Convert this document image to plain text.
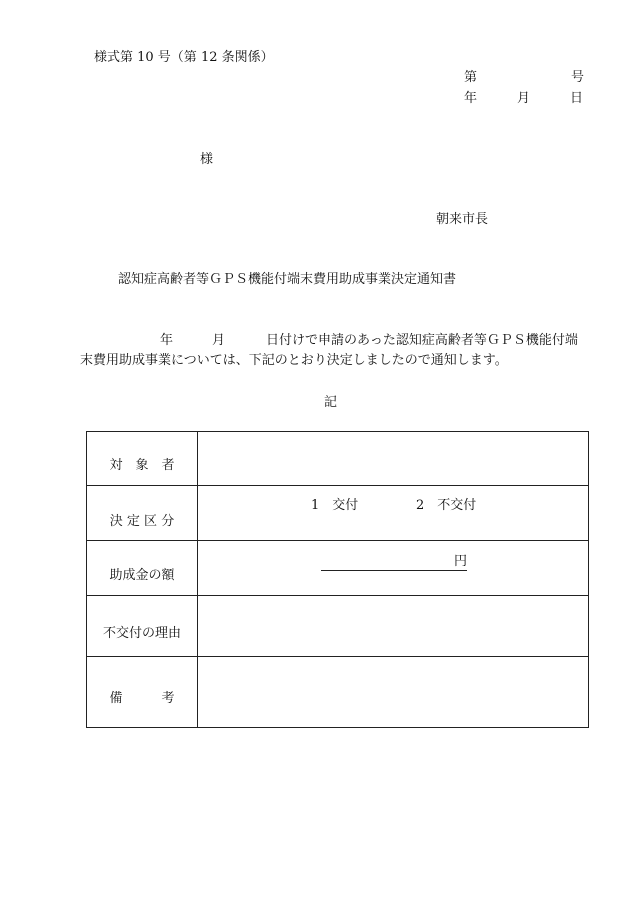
様式第 10 号（第 12 条関係）
第	号
年	月	日
様
朝来市長
認知症高齢者等ＧＰＳ機能付端末費用助成事業決定通知書
年	月	日付けで申請のあった認知症高齢者等ＧＰＳ機能付端
末費用助成事業については、下記のとおり決定しましたので通知します。
記
対　象　者	

決 定 区 分	1　交付 2　不交付

助成金の額	円

不交付の理由	

備　　　考	
